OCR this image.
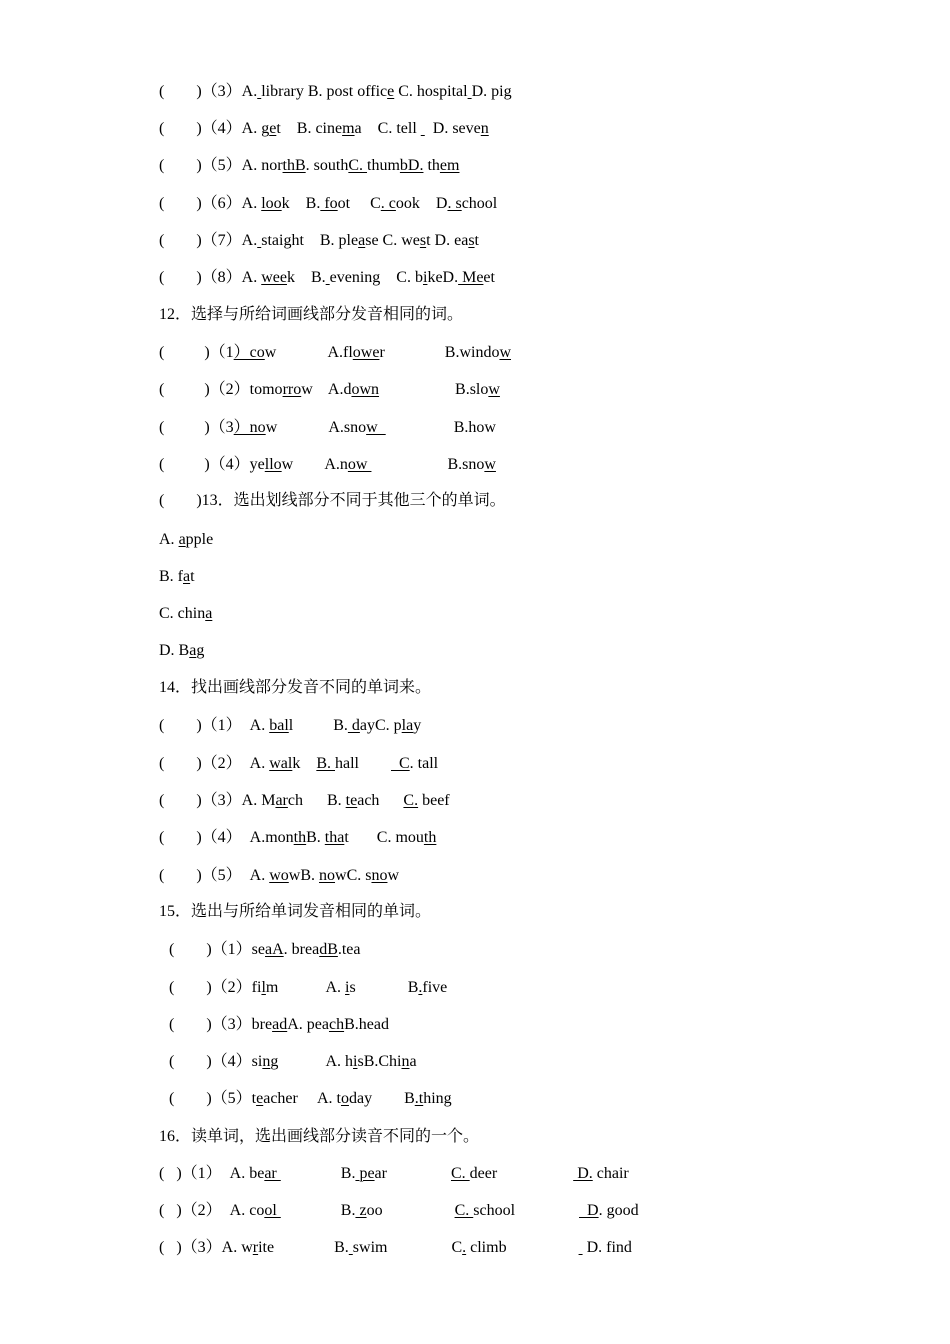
(        )（3）A. library B. post office C. hospital D. pig
(        )（4）A. get    B. cinema    C. tell    D. seven
(        )（5）A. northB. southC. thumbD. them
(        )（6）A. look    B. foot     C. cook    D. school
(        )（7）A. staight    B. please C. west D. east
(        )（8）A. week    B. evening    C. bikeD. Meet
12．选择与所给词画线部分发音相同的词。
(          )（1）cow             A.flower               B.window
(          )（2）tomorrow    A.down                   B.slow
(          )（3）now             A.snow                   B.how
(          )（4）yellow        A.now                    B.snow
(        )13．选出划线部分不同于其他三个的单词。
A. apple
B. fat
C. china
D. Bag
14．找出画线部分发音不同的单词来。
(        )（1）  A. ball          B. dayC. play
(        )（2）  A. walk    B. hall          C. tall
(        )（3）A. March      B. teach      C. beef
(        )（4）  A.monthB. that       C. mouth
(        )（5）  A. wowB. nowC. snow
15．选出与所给单词发音相同的单词。
(        )（1）seaA. breadB.tea
(        )（2）film            A. is             B.five
(        )（3）breadA. peachB.head
(        )（4）sing            A. hisB.China
(        )（5）teacher     A. today        B.thing
16．读单词，选出画线部分读音不同的一个。
(   )（1）  A. bear                B. pear                C. deer                    D. chair
(   )（2）  A. cool                B. zoo                  C. school                  D. good
(   )（3）A. write               B. swim                C. climb                    D. find
